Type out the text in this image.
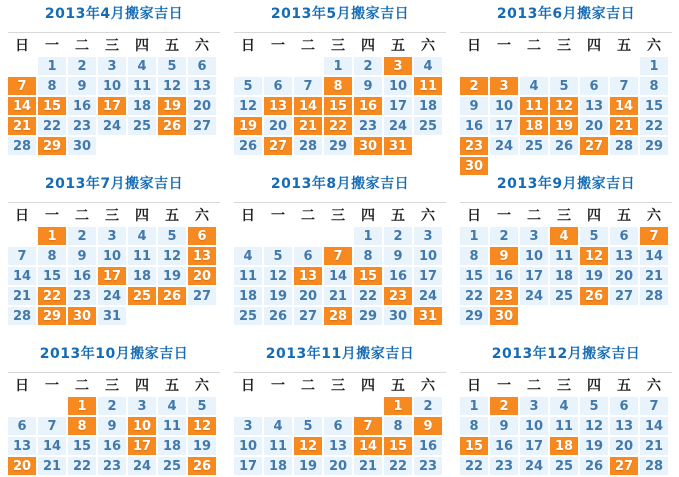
2013年4月搬家吉日
日	一	二	三	四	五	六
	1	2	3	4	5	6
7	8	9	10	11	12	13
14	15	16	17	18	19	20
21	22	23	24	25	26	27
28	29	30				
2013年5月搬家吉日
日	一	二	三	四	五	六
			1	2	3	4
5	6	7	8	9	10	11
12	13	14	15	16	17	18
19	20	21	22	23	24	25
26	27	28	29	30	31	
2013年6月搬家吉日
日	一	二	三	四	五	六
						1
2	3	4	5	6	7	8
9	10	11	12	13	14	15
16	17	18	19	20	21	22
23	24	25	26	27	28	29
30						
2013年7月搬家吉日
日	一	二	三	四	五	六
	1	2	3	4	5	6
7	8	9	10	11	12	13
14	15	16	17	18	19	20
21	22	23	24	25	26	27
28	29	30	31			
2013年8月搬家吉日
日	一	二	三	四	五	六
				1	2	3
4	5	6	7	8	9	10
11	12	13	14	15	16	17
18	19	20	21	22	23	24
25	26	27	28	29	30	31
2013年9月搬家吉日
日	一	二	三	四	五	六
1	2	3	4	5	6	7
8	9	10	11	12	13	14
15	16	17	18	19	20	21
22	23	24	25	26	27	28
29	30					
2013年10月搬家吉日
日	一	二	三	四	五	六
		1	2	3	4	5
6	7	8	9	10	11	12
13	14	15	16	17	18	19
20	21	22	23	24	25	26
2013年11月搬家吉日
日	一	二	三	四	五	六
					1	2
3	4	5	6	7	8	9
10	11	12	13	14	15	16
17	18	19	20	21	22	23
2013年12月搬家吉日
日	一	二	三	四	五	六
1	2	3	4	5	6	7
8	9	10	11	12	13	14
15	16	17	18	19	20	21
22	23	24	25	26	27	28
